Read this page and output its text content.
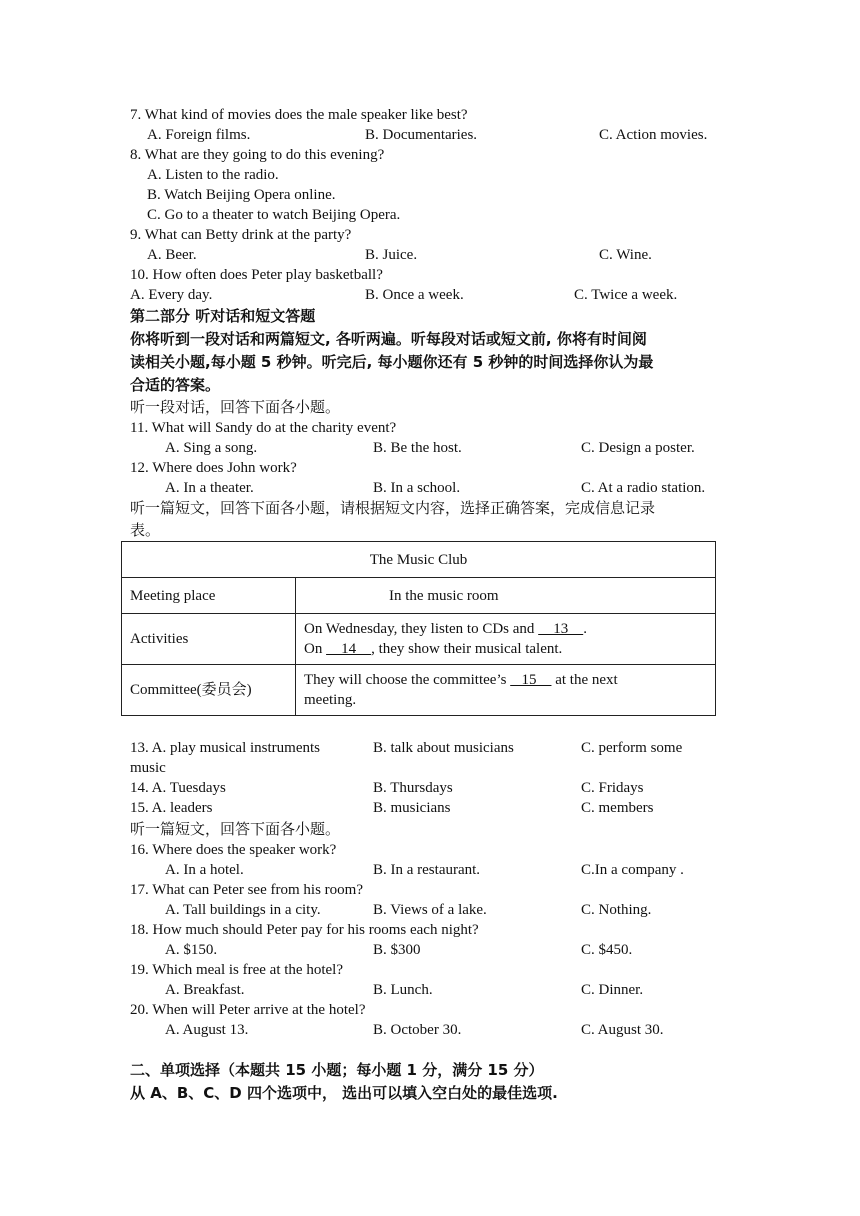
7. What kind of movies does the male speaker like best?
A. Foreign films.	B. Documentaries.	C. Action movies.
8. What are they going to do this evening?
A. Listen to the radio.
B. Watch Beijing Opera online.
C. Go to a theater to watch Beijing Opera.
9. What can Betty drink at the party?
A. Beer.	B. Juice.	C. Wine.
10. How often does Peter play basketball?
A. Every day.	B. Once a week.	C. Twice a week.
第二部分 听对话和短文答题
你将听到一段对话和两篇短文, 各听两遍。听每段对话或短文前, 你将有时间阅
读相关小题,每小题 5 秒钟。听完后, 每小题你还有 5 秒钟的时间选择你认为最
合适的答案。
听一段对话，回答下面各小题。
11. What will Sandy do at the charity event?
A. Sing a song.	B. Be the host.	C. Design a poster.
12. Where does John work?
A. In a theater.	B. In a school.	C. At a radio station.
听一篇短文，回答下面各小题，请根据短文内容，选择正确答案，完成信息记录
表。
The Music Club	
Meeting place	In the music room
Activities	On Wednesday, they listen to CDs and     13    .
On     14    , they show their musical talent.
Committee(委员会)	They will choose the committee’s    15     at the next
meeting.
13. A. play musical instruments	B. talk about musicians	C. perform some
music
14. A. Tuesdays	B. Thursdays	C. Fridays
15. A. leaders	B. musicians	C. members
听一篇短文，回答下面各小题。
16. Where does the speaker work?
A. In a hotel.	B. In a restaurant.	C.In a company .
17. What can Peter see from his room?
A. Tall buildings in a city.	B. Views of a lake.	C. Nothing.
18. How much should Peter pay for his rooms each night?
A. $150.	B. $300	C. $450.
19. Which meal is free at the hotel?
A. Breakfast.	B. Lunch.	C. Dinner.
20. When will Peter arrive at the hotel?
A. August 13.	B. October 30.	C. August 30.
二、单项选择（本题共 15 小题；每小题 1 分，满分 15 分）
从 A、B、C、D 四个选项中， 选出可以填入空白处的最佳选项.
